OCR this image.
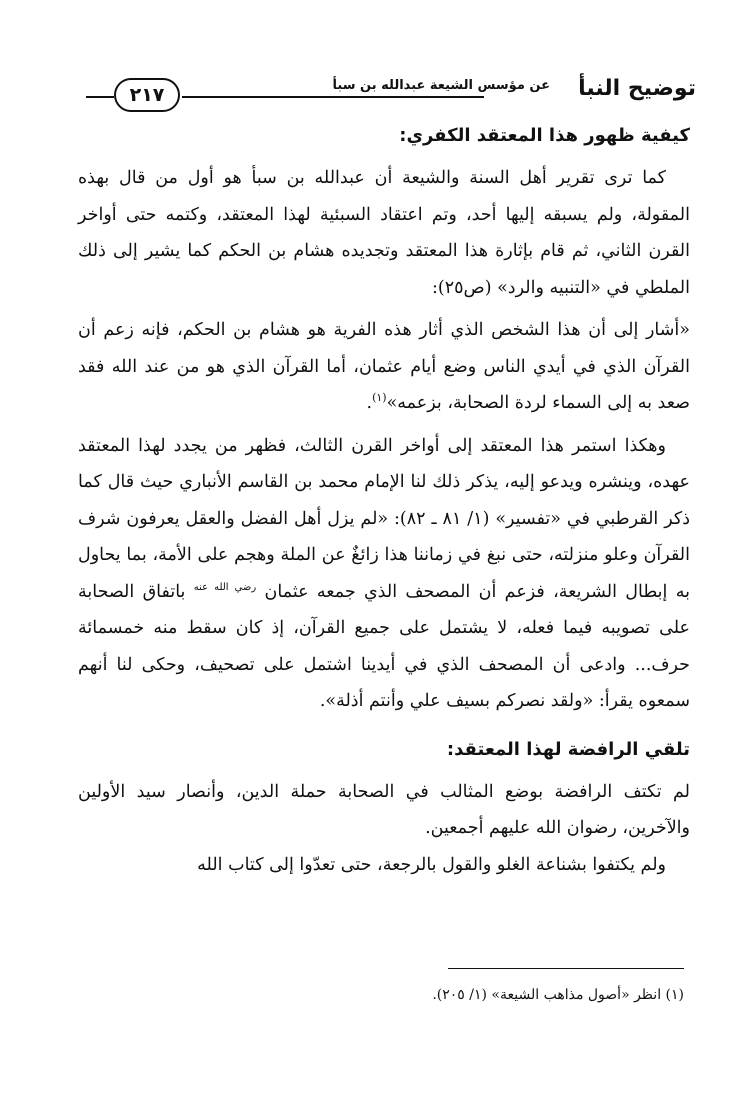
توضيح النبأ
عن مؤسس الشيعة عبدالله بن سبأ
٢١٧
كيفية ظهور هذا المعتقد الكفري:

كما ترى تقرير أهل السنة والشيعة أن عبدالله بن سبأ هو أول من قال بهذه المقولة، ولم يسبقه إليها أحد، وتم اعتقاد السبئية لهذا المعتقد، وكتمه حتى أواخر القرن الثاني، ثم قام بإثارة هذا المعتقد وتجديده هشام بن الحكم كما يشير إلى ذلك الملطي في «التنبيه والرد» (ص٢٥):

«أشار إلى أن هذا الشخص الذي أثار هذه الفرية هو هشام بن الحكم، فإنه زعم أن القرآن الذي في أيدي الناس وضع أيام عثمان، أما القرآن الذي هو من عند الله فقد صعد به إلى السماء لردة الصحابة، بزعمه»$^{(١)}$.

وهكذا استمر هذا المعتقد إلى أواخر القرن الثالث، فظهر من يجدد لهذا المعتقد عهده، وينشره ويدعو إليه، يذكر ذلك لنا الإمام محمد بن القاسم الأنباري حيث قال كما ذكر القرطبي في «تفسير» (١/ ٨١ ـ ٨٢): «لم يزل أهل الفضل والعقل يعرفون شرف القرآن وعلو منزلته، حتى نبغ في زماننا هذا زائغٌ عن الملة وهجم على الأمة، بما يحاول به إبطال الشريعة، فزعم أن المصحف الذي جمعه عثمان $^{رضي الله عنه}$ باتفاق الصحابة على تصويبه فيما فعله، لا يشتمل على جميع القرآن، إذ كان سقط منه خمسمائة حرف... وادعى أن المصحف الذي في أيدينا اشتمل على تصحيف، وحكى لنا أنهم سمعوه يقرأ: «ولقد نصركم بسيف علي وأنتم أذلة».

تلقي الرافضة لهذا المعتقد:

لم تكتف الرافضة بوضع المثالب في الصحابة حملة الدين، وأنصار سيد الأولين والآخرين، رضوان الله عليهم أجمعين.

ولم يكتفوا بشناعة الغلو والقول بالرجعة، حتى تعدّوا إلى كتاب الله

(١) انظر «أصول مذاهب الشيعة» (١/ ٢٠٥).
